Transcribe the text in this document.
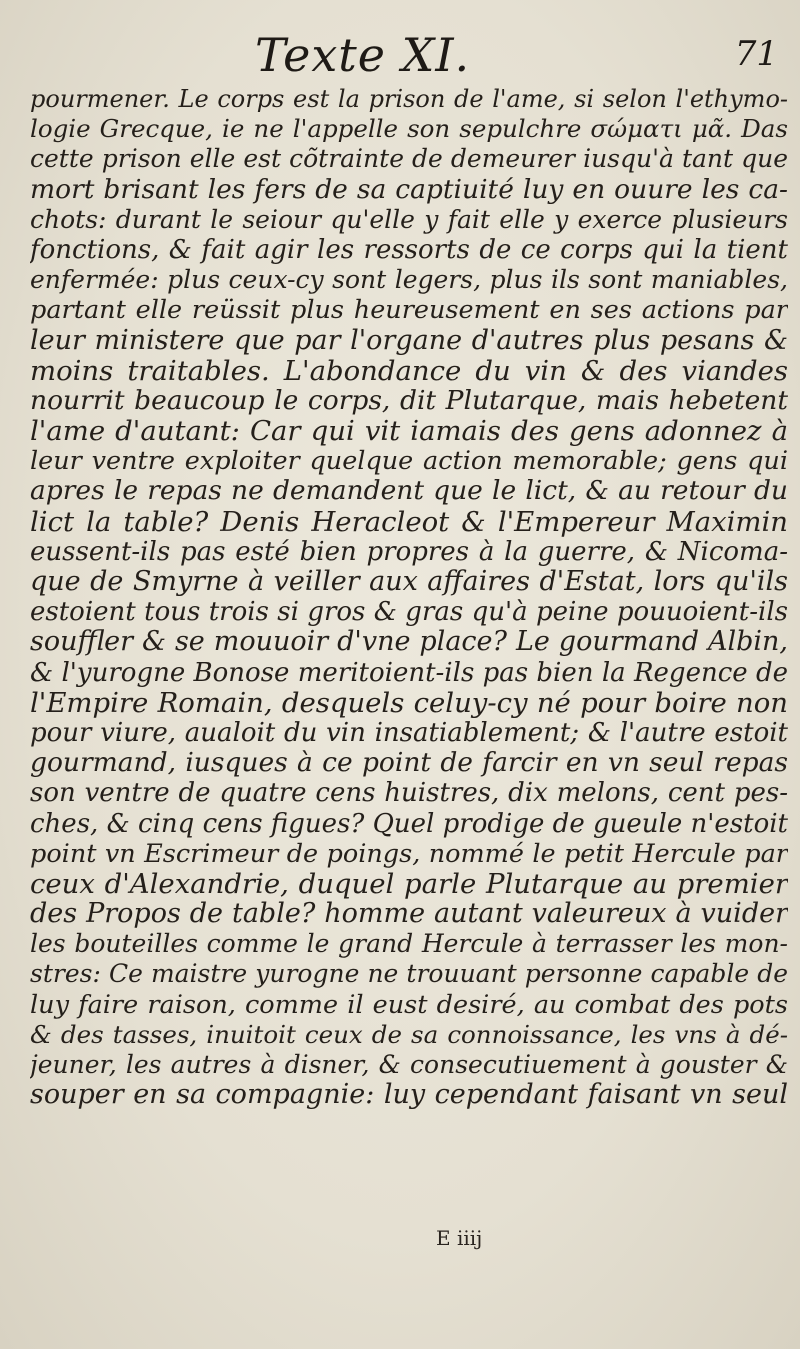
Texte XI.	71
pourmener. Le corps est la prison de l'ame, si selon l'ethymo-
logie Grecque, ie ne l'appelle son sepulchre σώματι μᾶ. Das
cette prison elle est cõtrainte de demeurer iusqu'à tant que
mort brisant les fers de sa captiuité luy en ouure les ca-
chots: durant le seiour qu'elle y fait elle y exerce plusieurs
fonctions, & fait agir les ressorts de ce corps qui la tient
enfermée: plus ceux-cy sont legers, plus ils sont maniables,
partant elle reüssit plus heureusement en ses actions par
leur ministere que par l'organe d'autres plus pesans &
moins traitables. L'abondance du vin & des viandes
nourrit beaucoup le corps, dit Plutarque, mais hebetent
l'ame d'autant: Car qui vit iamais des gens adonnez à
leur ventre exploiter quelque action memorable; gens qui
apres le repas ne demandent que le lict, & au retour du
lict la table? Denis Heracleot & l'Empereur Maximin
eussent-ils pas esté bien propres à la guerre, & Nicoma-
que de Smyrne à veiller aux affaires d'Estat, lors qu'ils
estoient tous trois si gros & gras qu'à peine pouuoient-ils
souffler & se mouuoir d'vne place? Le gourmand Albin,
& l'yurogne Bonose meritoient-ils pas bien la Regence de
l'Empire Romain, desquels celuy-cy né pour boire non
pour viure, aualoit du vin insatiablement; & l'autre estoit
gourmand, iusques à ce point de farcir en vn seul repas
son ventre de quatre cens huistres, dix melons, cent pes-
ches, & cinq cens figues? Quel prodige de gueule n'estoit
point vn Escrimeur de poings, nommé le petit Hercule par
ceux d'Alexandrie, duquel parle Plutarque au premier
des Propos de table? homme autant valeureux à vuider
les bouteilles comme le grand Hercule à terrasser les mon-
stres: Ce maistre yurogne ne trouuant personne capable de
luy faire raison, comme il eust desiré, au combat des pots
& des tasses, inuitoit ceux de sa connoissance, les vns à dé-
jeuner, les autres à disner, & consecutiuement à gouster &
souper en sa compagnie: luy cependant faisant vn seul
E iiij
